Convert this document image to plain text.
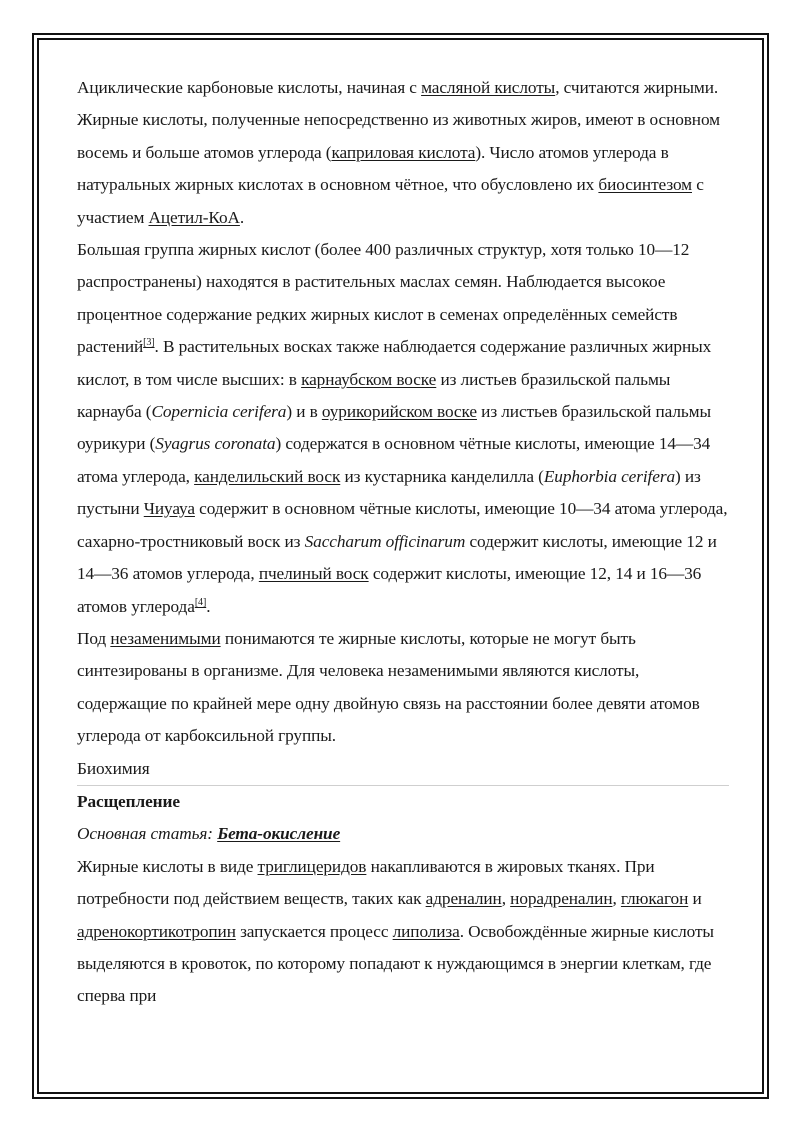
Ациклические карбоновые кислоты, начиная с масляной кислоты, считаются жирными. Жирные кислоты, полученные непосредственно из животных жиров, имеют в основном восемь и больше атомов углерода (каприловая кислота). Число атомов углерода в натуральных жирных кислотах в основном чётное, что обусловлено их биосинтезом с участием Ацетил-КоА.

Большая группа жирных кислот (более 400 различных структур, хотя только 10—12 распространены) находятся в растительных маслах семян. Наблюдается высокое процентное содержание редких жирных кислот в семенах определённых семейств растений[3]. В растительных восках также наблюдается содержание различных жирных кислот, в том числе высших: в карнаубском воске из листьев бразильской пальмы карнауба (Copernicia cerifera) и в оурикорийском воске из листьев бразильской пальмы оурикури (Syagrus coronata) содержатся в основном чётные кислоты, имеющие 14—34 атома углерода, канделильский воск из кустарника канделилла (Euphorbia cerifera) из пустыни Чиуауа содержит в основном чётные кислоты, имеющие 10—34 атома углерода, сахарно-тростниковый воск из Saccharum officinarum содержит кислоты, имеющие 12 и 14—36 атомов углерода, пчелиный воск содержит кислоты, имеющие 12, 14 и 16—36 атомов углерода[4].

Под незаменимыми понимаются те жирные кислоты, которые не могут быть синтезированы в организме. Для человека незаменимыми являются кислоты, содержащие по крайней мере одну двойную связь на расстоянии более девяти атомов углерода от карбоксильной группы.

Биохимия

Расщепление

Основная статья: Бета-окисление

Жирные кислоты в виде триглицеридов накапливаются в жировых тканях. При потребности под действием веществ, таких как адреналин, норадреналин, глюкагон и адренокортикотропин запускается процесс липолиза. Освобождённые жирные кислоты выделяются в кровоток, по которому попадают к нуждающимся в энергии клеткам, где сперва при
